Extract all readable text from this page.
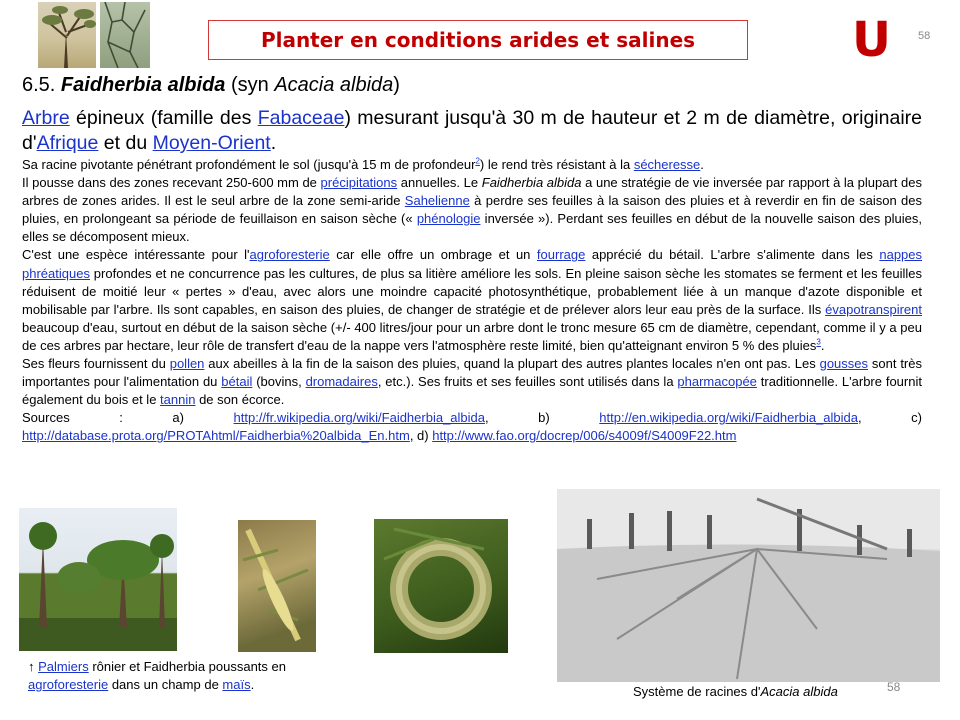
Planter en conditions arides et salines	U 58
6.5. Faidherbia albida (syn Acacia albida)

Arbre épineux (famille des Fabaceae) mesurant jusqu'à 30 m de hauteur et 2 m de diamètre, originaire d'Afrique et du Moyen-Orient.

Sa racine pivotante pénétrant profondément le sol (jusqu'à 15 m de profondeur$^2$) le rend très résistant à la sécheresse.

Il pousse dans des zones recevant 250-600 mm de précipitations annuelles. Le Faidherbia albida a une stratégie de vie inversée par rapport à la plupart des arbres de zones arides. Il est le seul arbre de la zone semi-aride Sahelienne à perdre ses feuilles à la saison des pluies et à reverdir en fin de saison des pluies, en prolongeant sa période de feuillaison en saison sèche (« phénologie inversée »). Perdant ses feuilles en début de la nouvelle saison des pluies, elles se décomposent mieux.

C'est une espèce intéressante pour l'agroforesterie car elle offre un ombrage et un fourrage apprécié du bétail. L'arbre s'alimente dans les nappes phréatiques profondes et ne concurrence pas les cultures, de plus sa litière améliore les sols. En pleine saison sèche les stomates se ferment et les feuilles réduisent de moitié leur « pertes » d'eau, avec alors une moindre capacité photosynthétique, probablement liée à un manque d'azote disponible et mobilisable par l'arbre. Ils sont capables, en saison des pluies, de changer de stratégie et de prélever alors leur eau près de la surface. Ils évapotranspirent beaucoup d'eau, surtout en début de la saison sèche (+/- 400 litres/jour pour un arbre dont le tronc mesure 65 cm de diamètre, cependant, comme il y a peu de ces arbres par hectare, leur rôle de transfert d'eau de la nappe vers l'atmosphère reste limité, bien qu'atteignant environ 5 % des pluies$^3$.

Ses fleurs fournissent du pollen aux abeilles à la fin de la saison des pluies, quand la plupart des autres plantes locales n'en ont pas. Les gousses sont très importantes pour l'alimentation du bétail (bovins, dromadaires, etc.). Ses fruits et ses feuilles sont utilisés dans la pharmacopée traditionnelle. L'arbre fournit également du bois et le tannin de son écorce.

Sources : a) http://fr.wikipedia.org/wiki/Faidherbia_albida, b) http://en.wikipedia.org/wiki/Faidherbia_albida, c) http://database.prota.org/PROTAhtml/Faidherbia%20albida_En.htm, d) http://www.fao.org/docrep/006/s4009f/S4009F22.htm

↑ Palmiers rônier et Faidherbia poussants en agroforesterie dans un champ de maïs.	Système de racines d'Acacia albida	58
